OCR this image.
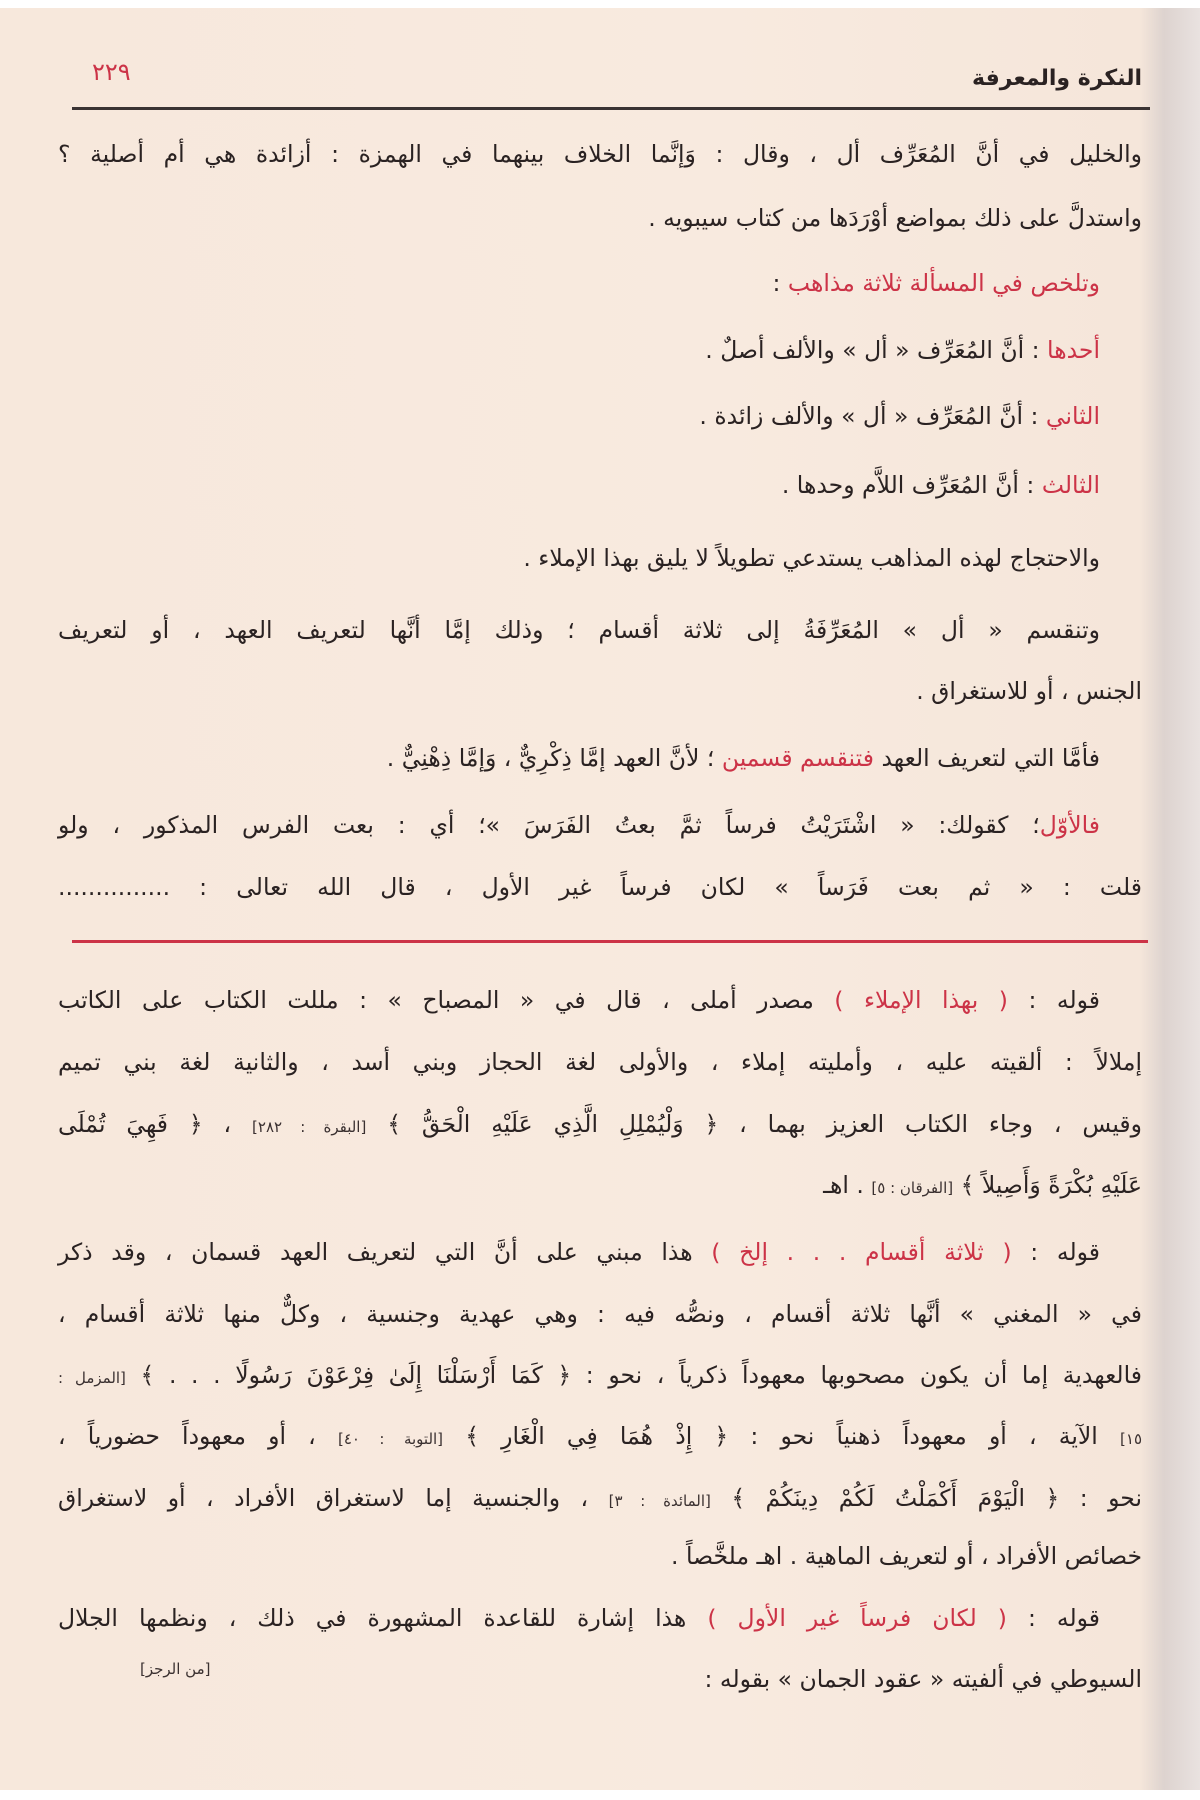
النكرة والمعرفة
٢٢٩
والخليل في أنَّ المُعَرِّف أل ، وقال : وَإنَّما الخلاف بينهما في الهمزة : أزائدة هي أم أصلية ؟
واستدلَّ على ذلك بمواضع أوْرَدَها من كتاب سيبويه .
وتلخص في المسألة ثلاثة مذاهب :
أحدها : أنَّ المُعَرِّف « أل » والألف أصلٌ .
الثاني : أنَّ المُعَرِّف « أل » والألف زائدة .
الثالث : أنَّ المُعَرِّف اللاَّم وحدها .
والاحتجاج لهذه المذاهب يستدعي تطويلاً لا يليق بهذا الإملاء .
وتنقسم « أل » المُعَرِّفَةُ إلى ثلاثة أقسام ؛ وذلك إمَّا أنَّها لتعريف العهد ، أو لتعريف
الجنس ، أو للاستغراق .
فأمَّا التي لتعريف العهد فتنقسم قسمين ؛ لأنَّ العهد إمَّا ذِكْرِيٌّ ، وَإمَّا ذِهْنِيٌّ .
فالأوّل؛ كقولك: « اشْتَرَيْتُ فرساً ثمَّ بعتُ الفَرَسَ »؛ أي : بعت الفرس المذكور ، ولو
قلت : « ثم بعت فَرَساً » لكان فرساً غير الأول ، قال الله تعالى : ...............
قوله : ( بهذا الإملاء ) مصدر أملى ، قال في « المصباح » : مللت الكتاب على الكاتب
إملالاً : ألقيته عليه ، وأمليته إملاء ، والأولى لغة الحجاز وبني أسد ، والثانية لغة بني تميم
وقيس ، وجاء الكتاب العزيز بهما ، ﴿ وَلْيُمْلِلِ الَّذِي عَلَيْهِ الْحَقُّ ﴾ [البقرة : ٢٨٢] ، ﴿ فَهِيَ تُمْلَى
عَلَيْهِ بُكْرَةً وَأَصِيلاً ﴾ [الفرقان : ٥] . اهـ
قوله : ( ثلاثة أقسام . . . إلخ ) هذا مبني على أنَّ التي لتعريف العهد قسمان ، وقد ذكر
في « المغني » أنَّها ثلاثة أقسام ، ونصُّه فيه : وهي عهدية وجنسية ، وكلٌّ منها ثلاثة أقسام ،
فالعهدية إما أن يكون مصحوبها معهوداً ذكرياً ، نحو : ﴿ كَمَا أَرْسَلْنَا إِلَىٰ فِرْعَوْنَ رَسُولًا . . . ﴾ [المزمل :
١٥] الآية ، أو معهوداً ذهنياً نحو : ﴿ إِذْ هُمَا فِي الْغَارِ ﴾ [التوبة : ٤٠] ، أو معهوداً حضورياً ،
نحو : ﴿ الْيَوْمَ أَكْمَلْتُ لَكُمْ دِينَكُمْ ﴾ [المائدة : ٣] ، والجنسية إما لاستغراق الأفراد ، أو لاستغراق
خصائص الأفراد ، أو لتعريف الماهية . اهـ ملخَّصاً .
قوله : ( لكان فرساً غير الأول ) هذا إشارة للقاعدة المشهورة في ذلك ، ونظمها الجلال
السيوطي في ألفيته « عقود الجمان » بقوله :
[من الرجز]
